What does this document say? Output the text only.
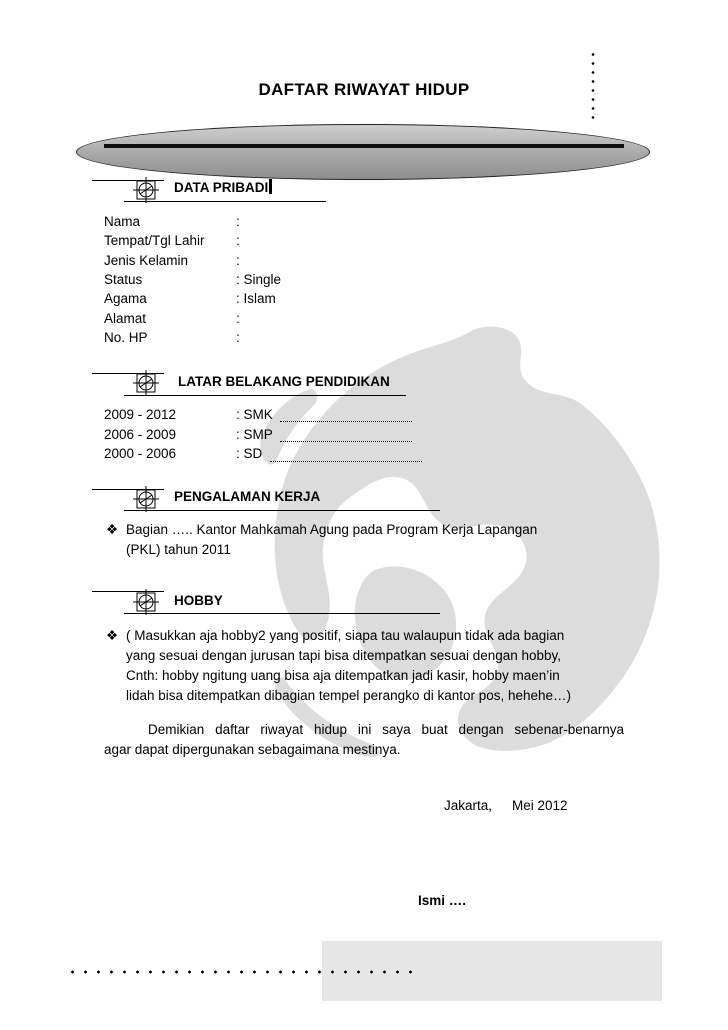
DAFTAR RIWAYAT HIDUP
DATA PRIBADI
Nama	:
Tempat/Tgl Lahir :
Jenis Kelamin	:
Status	: Single
Agama	: Islam
Alamat	:
No. HP	:
LATAR BELAKANG PENDIDIKAN
2009 - 2012	: SMK
2006 - 2009	: SMP
2000 - 2006	: SD
PENGALAMAN KERJA
❖ Bagian ….. Kantor Mahkamah Agung pada Program Kerja Lapangan
(PKL) tahun 2011
HOBBY
❖ ( Masukkan aja hobby2 yang positif, siapa tau walaupun tidak ada bagian
yang sesuai dengan jurusan tapi bisa ditempatkan sesuai dengan hobby,
Cnth: hobby ngitung uang bisa aja ditempatkan jadi kasir, hobby maen’in
lidah bisa ditempatkan dibagian tempel perangko di kantor pos, hehehe…)
Demikian daftar riwayat hidup ini saya buat dengan sebenar-benarnya
agar dapat dipergunakan sebagaimana mestinya.
Jakarta, Mei 2012
Ismi ….
